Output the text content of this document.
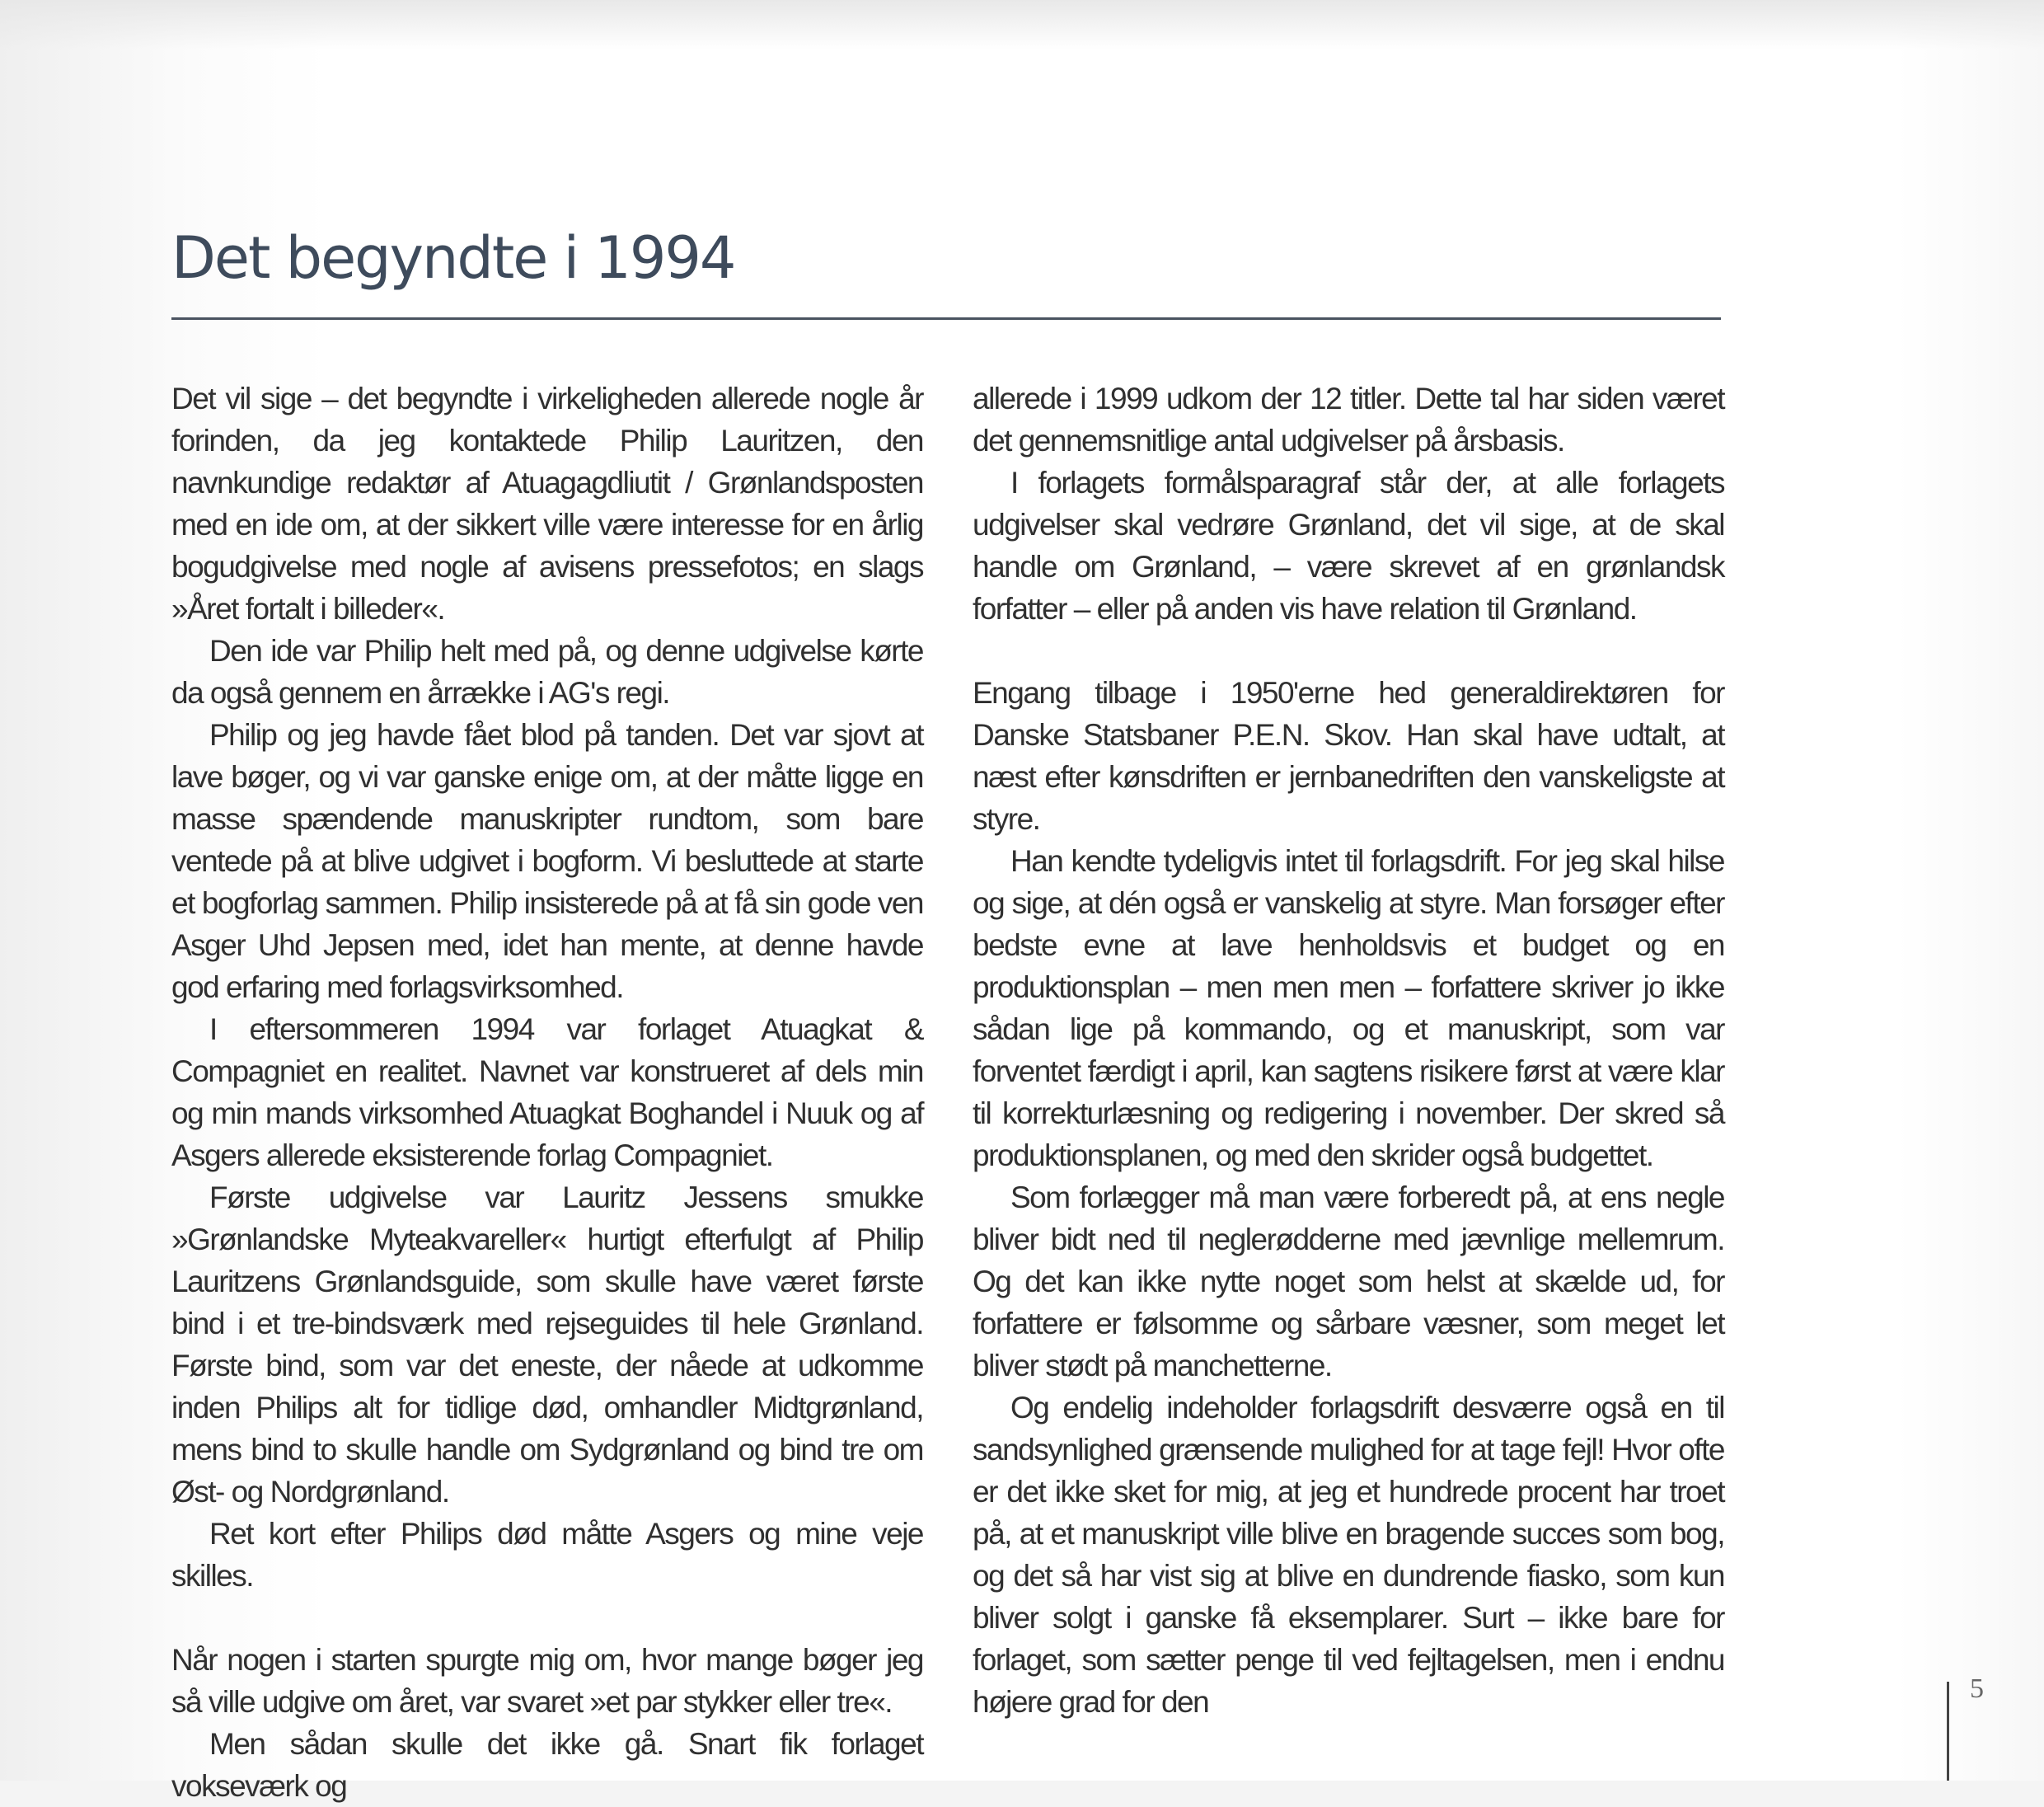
Det begyndte i 1994

Det vil sige – det begyndte i virkeligheden allerede nogle år forinden, da jeg kontaktede Philip Lauritzen, den navnkundige redaktør af Atuagagdliutit / Grønlandsposten med en ide om, at der sikkert ville være interesse for en årlig bogudgivelse med nogle af avisens pressefotos; en slags »Året fortalt i billeder«.

Den ide var Philip helt med på, og denne udgivelse kørte da også gennem en årrække i AG's regi.

Philip og jeg havde fået blod på tanden. Det var sjovt at lave bøger, og vi var ganske enige om, at der måtte ligge en masse spændende manuskripter rundtom, som bare ventede på at blive udgivet i bogform. Vi besluttede at starte et bogforlag sammen. Philip insisterede på at få sin gode ven Asger Uhd Jepsen med, idet han mente, at denne havde god erfaring med forlagsvirksomhed.

I eftersommeren 1994 var forlaget Atuagkat & Compagniet en realitet. Navnet var konstrueret af dels min og min mands virksomhed Atuagkat Boghandel i Nuuk og af Asgers allerede eksisterende forlag Compagniet.

Første udgivelse var Lauritz Jessens smukke »Grønlandske Myteakvareller« hurtigt efterfulgt af Philip Lauritzens Grønlandsguide, som skulle have været første bind i et tre-bindsværk med rejseguides til hele Grønland. Første bind, som var det eneste, der nåede at udkomme inden Philips alt for tidlige død, omhandler Midtgrønland, mens bind to skulle handle om Sydgrønland og bind tre om Øst- og Nordgrønland.

Ret kort efter Philips død måtte Asgers og mine veje skilles.

Når nogen i starten spurgte mig om, hvor mange bøger jeg så ville udgive om året, var svaret »et par stykker eller tre«.

Men sådan skulle det ikke gå. Snart fik forlaget vokseværk og

allerede i 1999 udkom der 12 titler. Dette tal har siden været det gennemsnitlige antal udgivelser på årsbasis.

I forlagets formålsparagraf står der, at alle forlagets udgivelser skal vedrøre Grønland, det vil sige, at de skal handle om Grønland, – være skrevet af en grønlandsk forfatter – eller på anden vis have relation til Grønland.

Engang tilbage i 1950'erne hed generaldirektøren for Danske Statsbaner P.E.N. Skov. Han skal have udtalt, at næst efter kønsdriften er jernbanedriften den vanskeligste at styre.

Han kendte tydeligvis intet til forlagsdrift. For jeg skal hilse og sige, at dén også er vanskelig at styre. Man forsøger efter bedste evne at lave henholdsvis et budget og en produktionsplan – men men men – forfattere skriver jo ikke sådan lige på kommando, og et manuskript, som var forventet færdigt i april, kan sagtens risikere først at være klar til korrekturlæsning og redigering i november. Der skred så produktionsplanen, og med den skrider også budgettet.

Som forlægger må man være forberedt på, at ens negle bliver bidt ned til neglerødderne med jævnlige mellemrum. Og det kan ikke nytte noget som helst at skælde ud, for forfattere er følsomme og sårbare væsner, som meget let bliver stødt på manchetterne.

Og endelig indeholder forlagsdrift desværre også en til sandsynlighed grænsende mulighed for at tage fejl! Hvor ofte er det ikke sket for mig, at jeg et hundrede procent har troet på, at et manuskript ville blive en bragende succes som bog, og det så har vist sig at blive en dundrende fiasko, som kun bliver solgt i ganske få eksemplarer. Surt – ikke bare for forlaget, som sætter penge til ved fejltagelsen, men i endnu højere grad for den	5
